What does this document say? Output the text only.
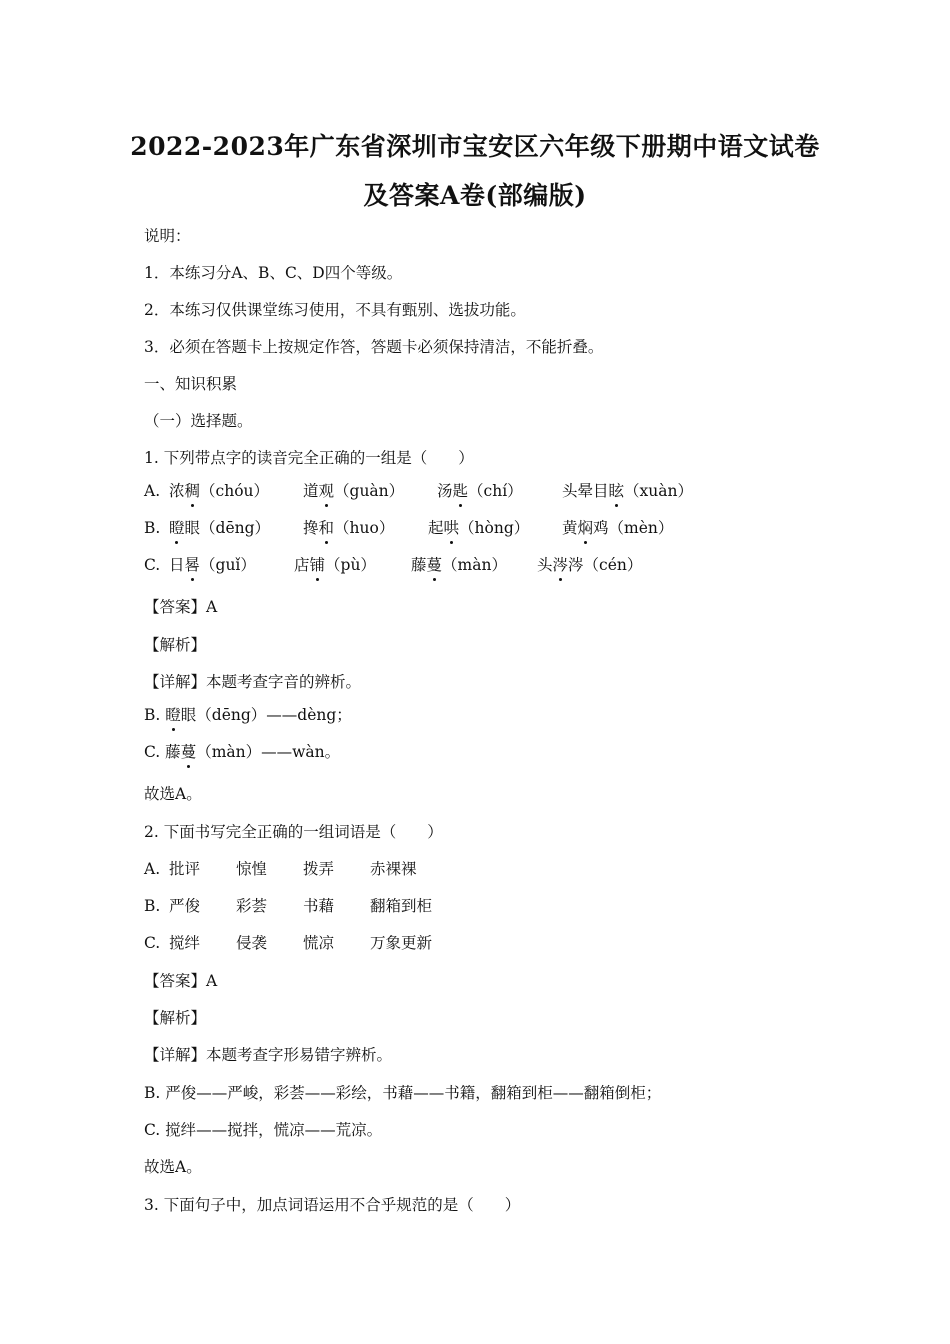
2022-2023年广东省深圳市宝安区六年级下册期中语文试卷
及答案A卷(部编版)
说明：
1．本练习分A、B、C、D四个等级。
2．本练习仅供课堂练习使用，不具有甄别、选拔功能。
3．必须在答题卡上按规定作答，答题卡必须保持清洁，不能折叠。
一、知识积累
（一）选择题。
1. 下列带点字的读音完全正确的一组是（　　）
A. 浓稠（chóu） 道观（guàn） 汤匙（chí）	头晕目眩（xuàn）
B. 瞪眼（dēng） 搀和（huo） 起哄（hòng） 黄焖鸡（mèn）
C. 日晷（guǐ） 店铺（pù） 藤蔓（màn） 头涔涔（cén）
【答案】A
【解析】
【详解】本题考查字音的辨析。
B. 瞪眼（dēng）——dèng；
C. 藤蔓（màn）——wàn。
故选A。
2. 下面书写完全正确的一组词语是（　　）
A. 批评 惊惶 拨弄 赤裸裸
B. 严俊 彩荟 书藉 翻箱到柜
C. 搅绊 侵袭 慌凉 万象更新
【答案】A
【解析】
【详解】本题考查字形易错字辨析。
B. 严俊——严峻，彩荟——彩绘，书藉——书籍，翻箱到柜——翻箱倒柜；
C. 搅绊——搅拌，慌凉——荒凉。
故选A。
3. 下面句子中，加点词语运用不合乎规范的是（　　）
